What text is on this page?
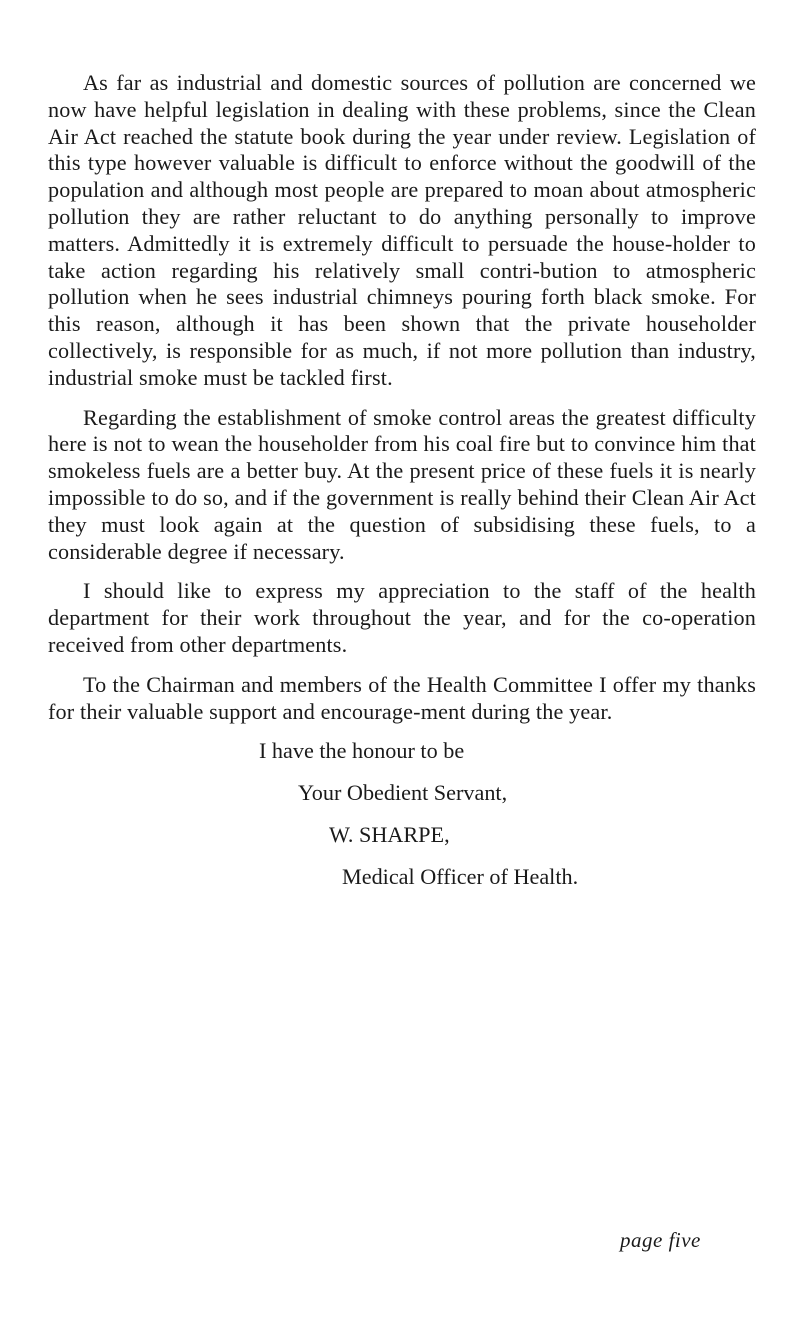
As far as industrial and domestic sources of pollution are concerned we now have helpful legislation in dealing with these problems, since the Clean Air Act reached the statute book during the year under review. Legislation of this type however valuable is difficult to enforce without the goodwill of the population and although most people are prepared to moan about atmospheric pollution they are rather reluctant to do anything personally to improve matters. Admittedly it is extremely difficult to persuade the house-holder to take action regarding his relatively small contri-bution to atmospheric pollution when he sees industrial chimneys pouring forth black smoke. For this reason, although it has been shown that the private householder collectively, is responsible for as much, if not more pollution than industry, industrial smoke must be tackled first.

Regarding the establishment of smoke control areas the greatest difficulty here is not to wean the householder from his coal fire but to convince him that smokeless fuels are a better buy. At the present price of these fuels it is nearly impossible to do so, and if the government is really behind their Clean Air Act they must look again at the question of subsidising these fuels, to a considerable degree if necessary.

I should like to express my appreciation to the staff of the health department for their work throughout the year, and for the co-operation received from other departments.

To the Chairman and members of the Health Committee I offer my thanks for their valuable support and encourage-ment during the year.

I have the honour to be
Your Obedient Servant,
W. SHARPE,
Medical Officer of Health.
page five
